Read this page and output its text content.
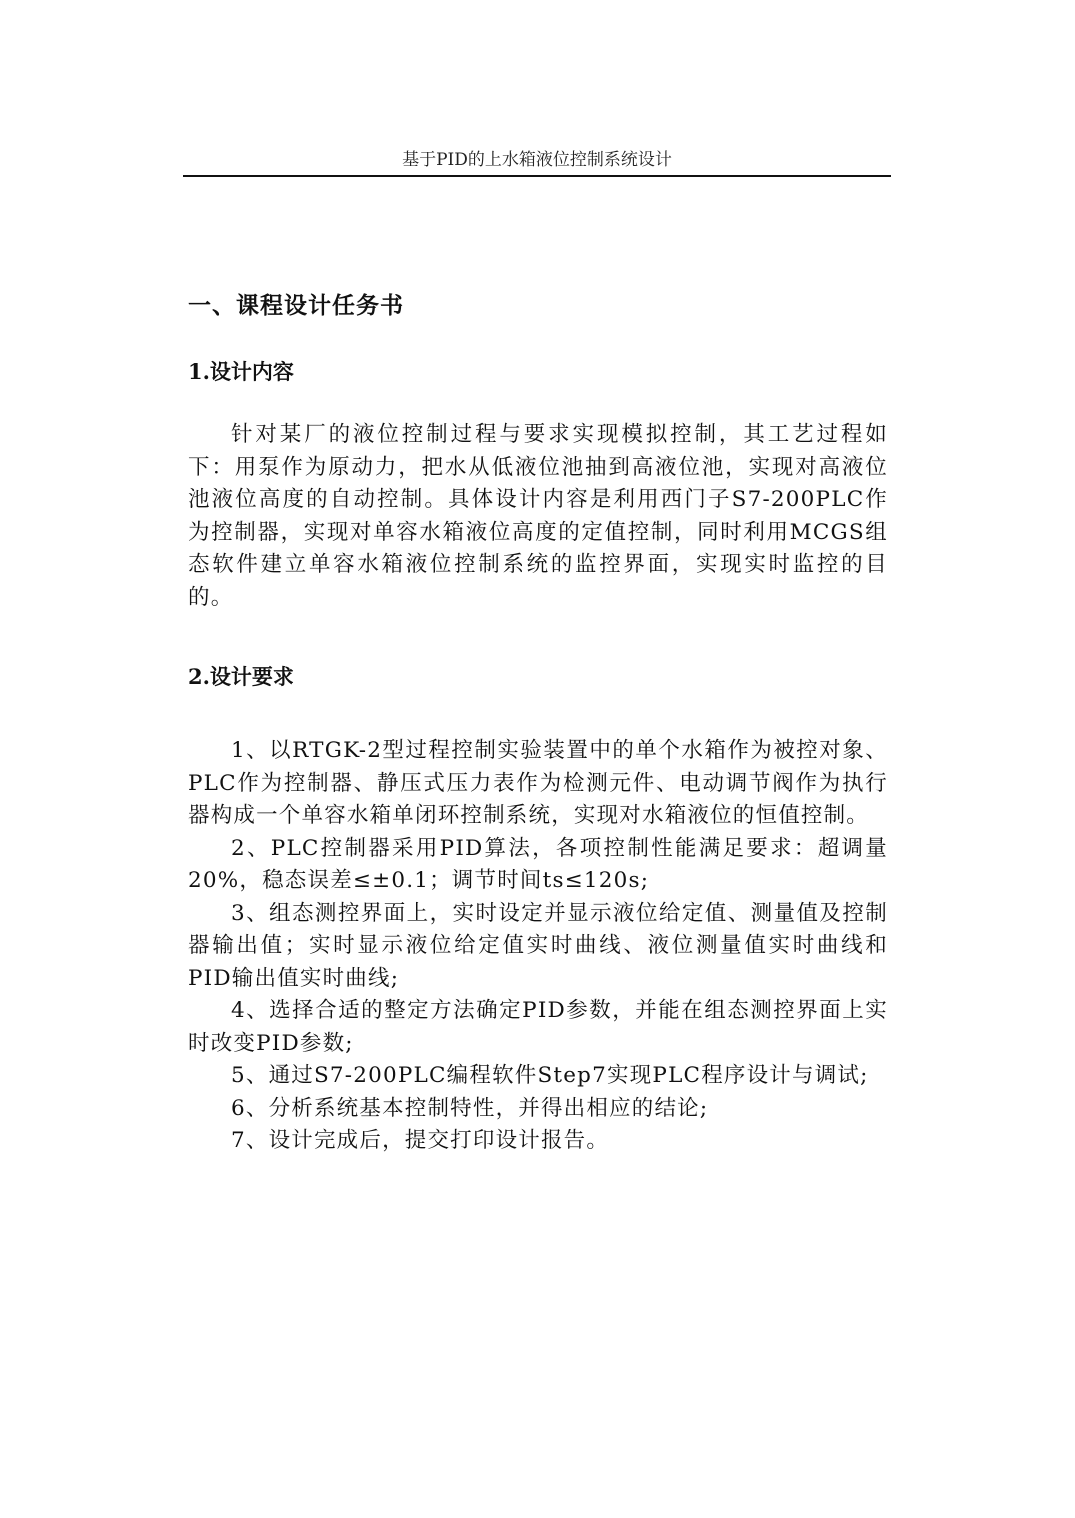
基于PID的上水箱液位控制系统设计
一、课程设计任务书
1.设计内容
针对某厂的液位控制过程与要求实现模拟控制，其工艺过程如下：用泵作为原动力，把水从低液位池抽到高液位池，实现对高液位池液位高度的自动控制。具体设计内容是利用西门子S7-200PLC作为控制器，实现对单容水箱液位高度的定值控制，同时利用MCGS组态软件建立单容水箱液位控制系统的监控界面，实现实时监控的目的。
2.设计要求

1、以RTGK-2型过程控制实验装置中的单个水箱作为被控对象、PLC作为控制器、静压式压力表作为检测元件、电动调节阀作为执行器构成一个单容水箱单闭环控制系统，实现对水箱液位的恒值控制。

2、PLC控制器采用PID算法，各项控制性能满足要求：超调量20%，稳态误差≤±0.1；调节时间ts≤120s;

3、组态测控界面上，实时设定并显示液位给定值、测量值及控制器输出值；实时显示液位给定值实时曲线、液位测量值实时曲线和PID输出值实时曲线;

4、选择合适的整定方法确定PID参数，并能在组态测控界面上实时改变PID参数;

5、通过S7-200PLC编程软件Step7实现PLC程序设计与调试;

6、分析系统基本控制特性，并得出相应的结论;

7、设计完成后，提交打印设计报告。
